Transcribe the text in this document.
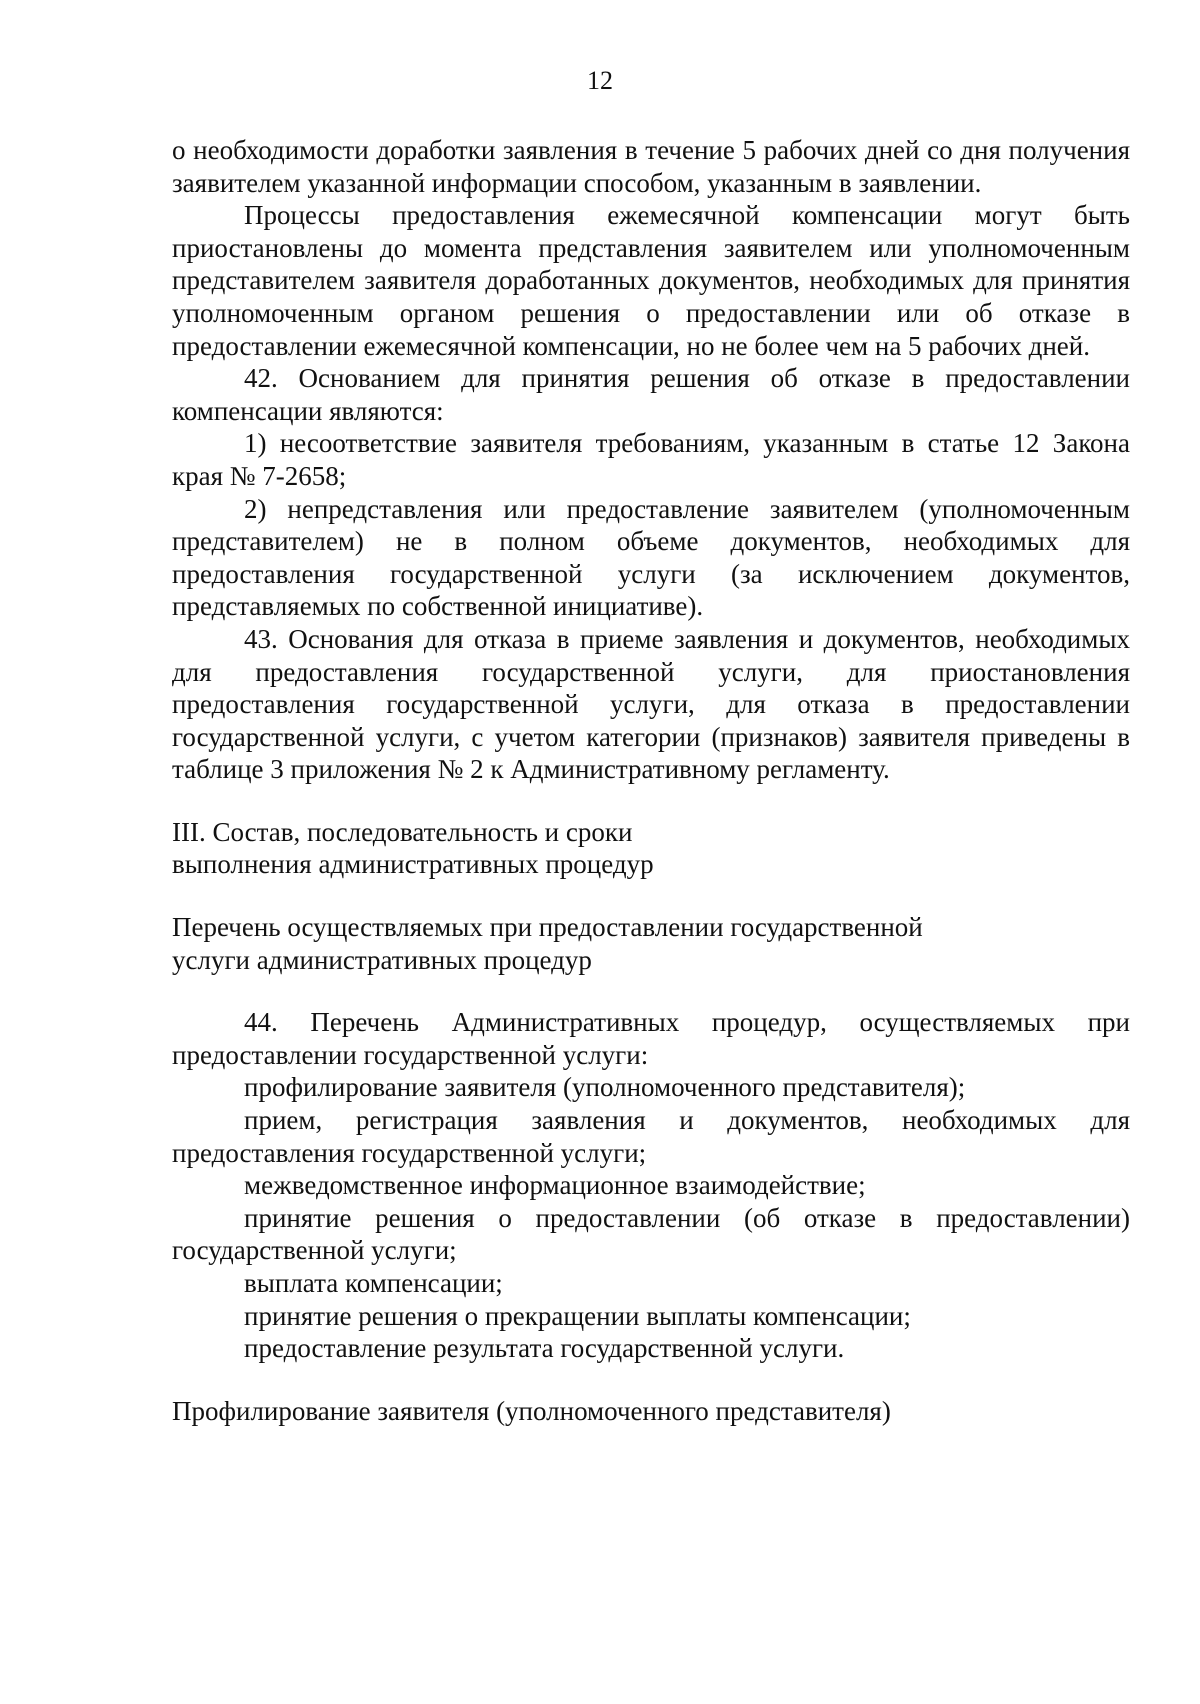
12

о необходимости доработки заявления в течение 5 рабочих дней со дня получения заявителем указанной информации способом, указанным в заявлении.

Процессы предоставления ежемесячной компенсации могут быть приостановлены до момента представления заявителем или уполномоченным представителем заявителя доработанных документов, необходимых для принятия уполномоченным органом решения о предоставлении или об отказе в предоставлении ежемесячной компенсации, но не более чем на 5 рабочих дней.

42. Основанием для принятия решения об отказе в предоставлении компенсации являются:

1) несоответствие заявителя требованиям, указанным в статье 12 Закона края № 7-2658;

2) непредставления или предоставление заявителем (уполномоченным представителем) не в полном объеме документов, необходимых для предоставления государственной услуги (за исключением документов, представляемых по собственной инициативе).

43. Основания для отказа в приеме заявления и документов, необходимых для предоставления государственной услуги, для приостановления предоставления государственной услуги, для отказа в предоставлении государственной услуги, с учетом категории (признаков) заявителя приведены в таблице 3 приложения № 2 к Административному регламенту.

III. Состав, последовательность и сроки

выполнения административных процедур

Перечень осуществляемых при предоставлении государственной

услуги административных процедур

44. Перечень Административных процедур, осуществляемых при предоставлении государственной услуги:

профилирование заявителя (уполномоченного представителя);

прием, регистрация заявления и документов, необходимых для предоставления государственной услуги;

межведомственное информационное взаимодействие;

принятие решения о предоставлении (об отказе в предоставлении) государственной услуги;

выплата компенсации;

принятие решения о прекращении выплаты компенсации;

предоставление результата государственной услуги.

Профилирование заявителя (уполномоченного представителя)
